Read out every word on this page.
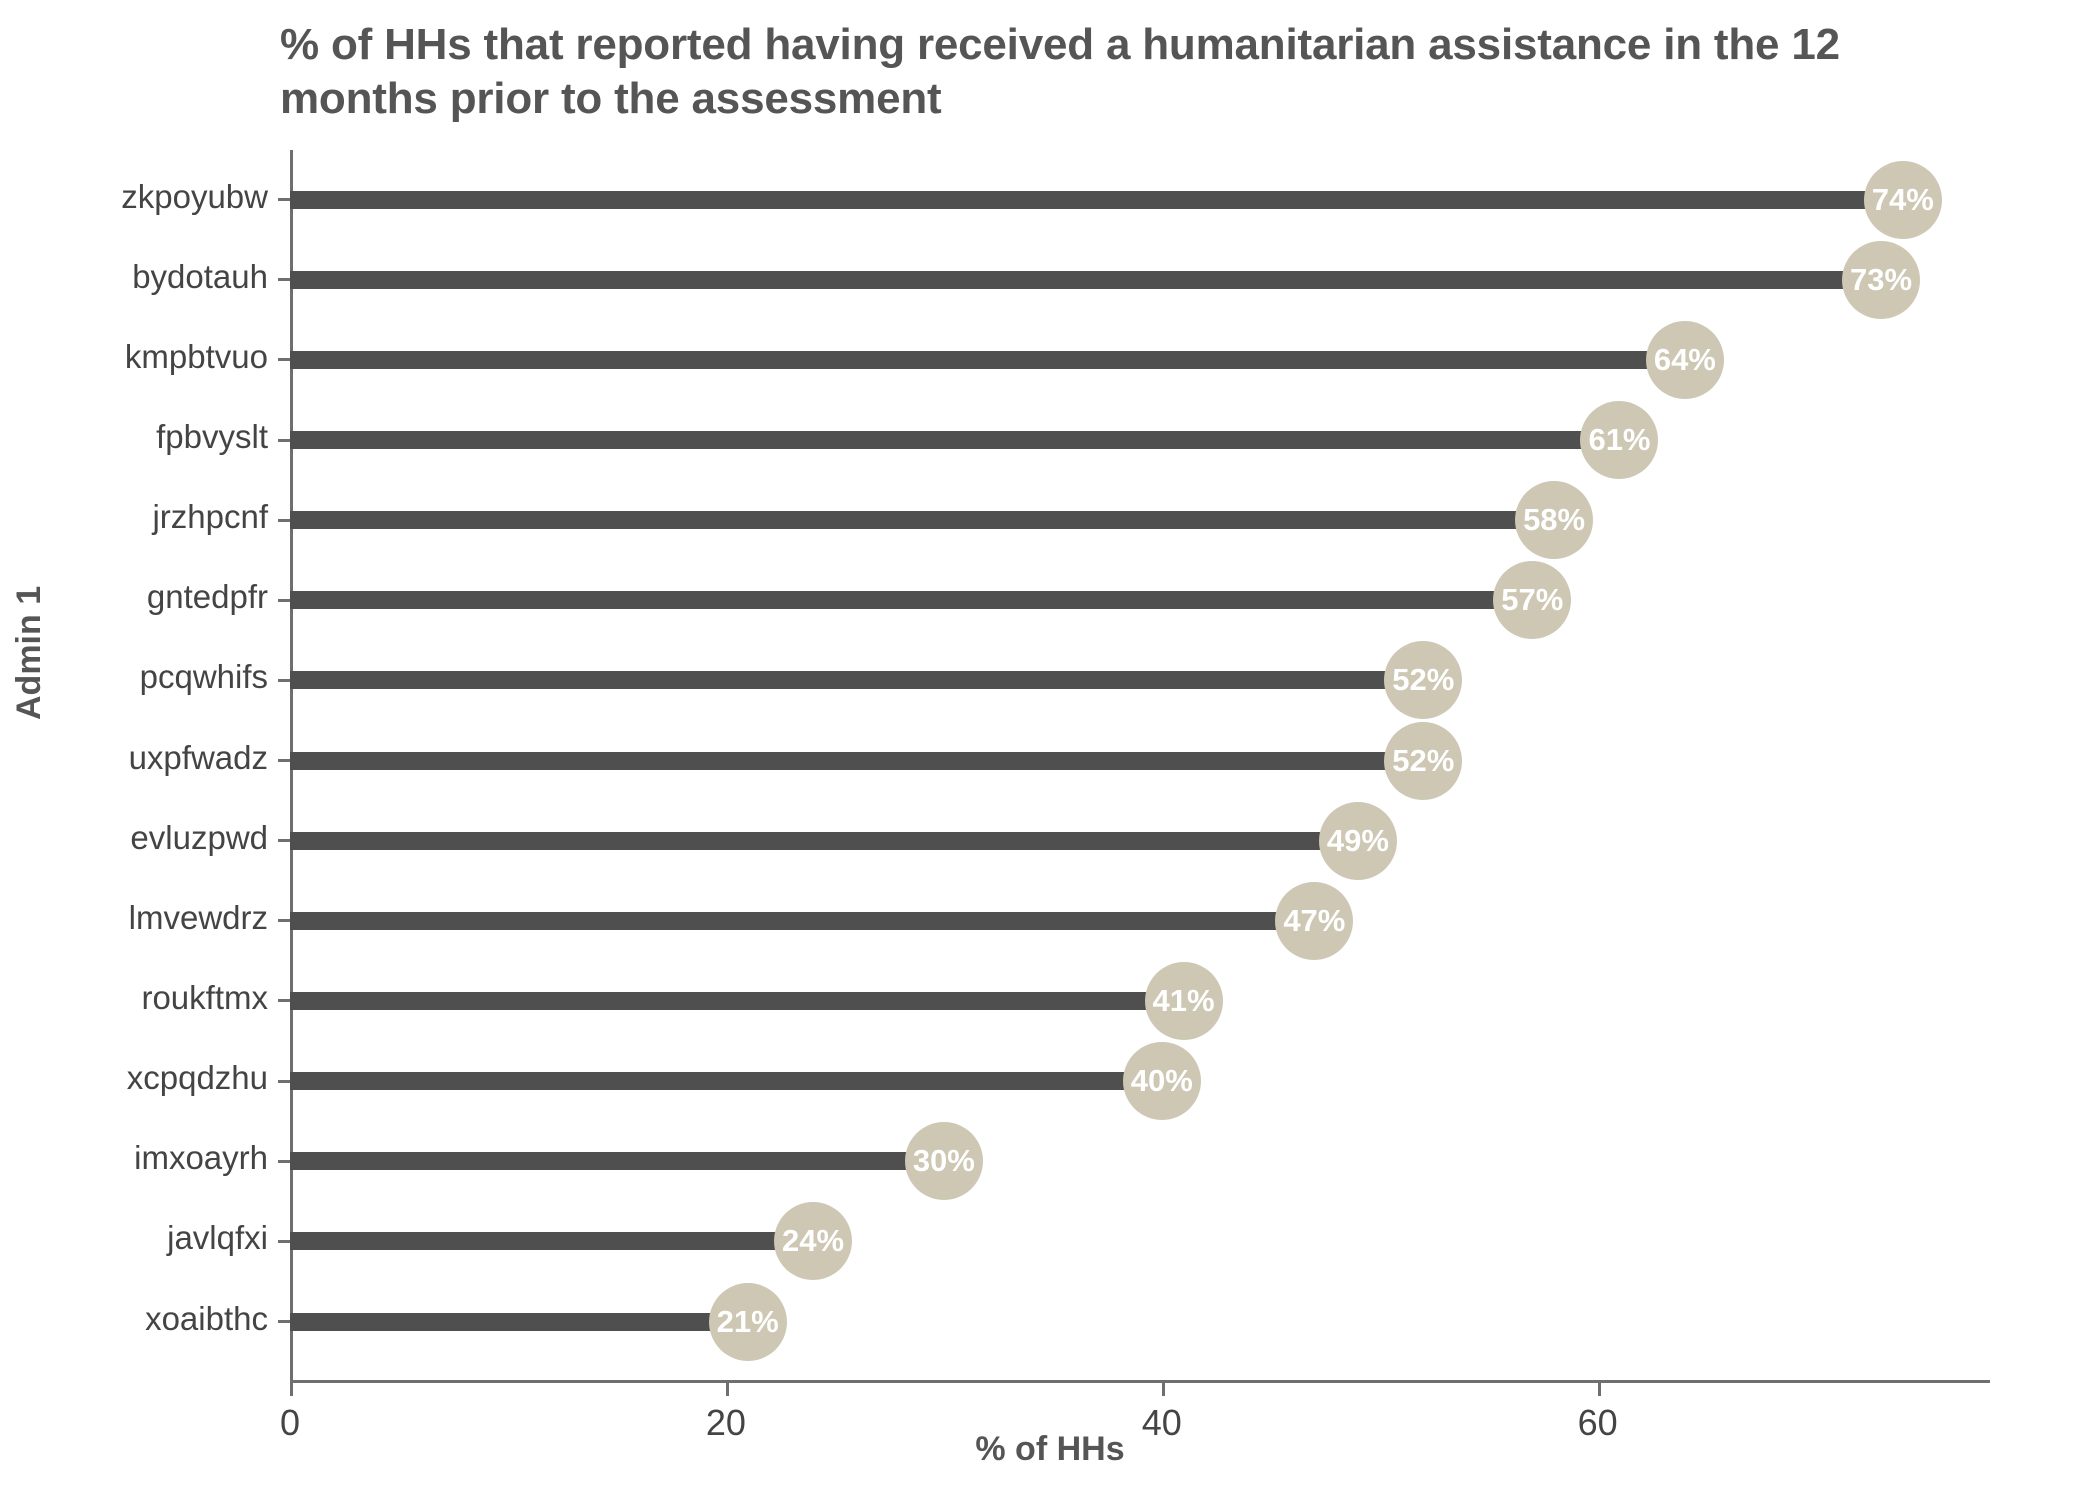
% of HHs that reported having received a humanitarian assistance in the 12 months prior to the assessment
Admin 1
74%
73%
64%
61%
58%
57%
52%
52%
49%
47%
41%
40%
30%
24%
21%
0	20	40	60
zkpoyubw
bydotauh
kmpbtvuo
fpbvyslt
jrzhpcnf
gntedpfr
pcqwhifs
uxpfwadz
evluzpwd
lmvewdrz
roukftmx
xcpqdzhu
imxoayrh
javlqfxi
xoaibthc
% of HHs
